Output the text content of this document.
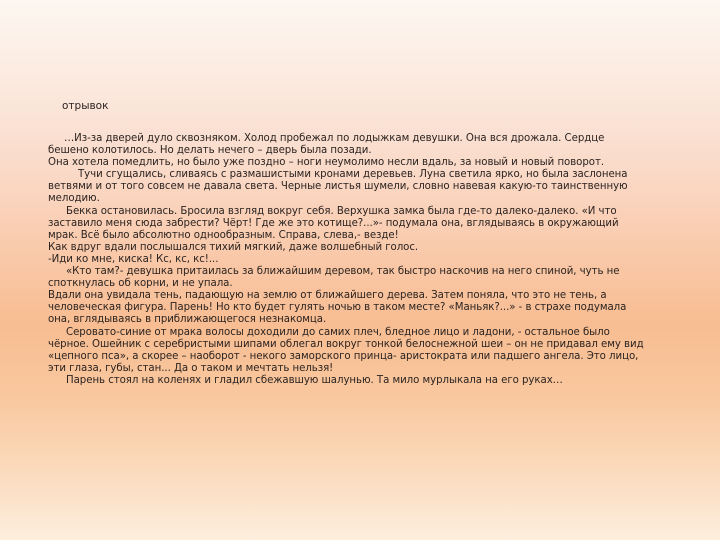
отрывок

…Из-за дверей дуло сквозняком. Холод пробежал по лодыжкам девушки. Она вся дрожала. Сердце бешено колотилось. Но делать нечего – дверь была позади.

Она хотела помедлить, но было уже поздно – ноги неумолимо несли вдаль, за новый и новый поворот.

Тучи сгущались, сливаясь с размашистыми кронами деревьев. Луна светила ярко, но была заслонена ветвями и от того совсем не давала света. Черные листья шумели, словно навевая какую-то таинственную мелодию.

Бекка остановилась. Бросила взгляд вокруг себя. Верхушка замка была где-то далеко-далеко. «И что заставило меня сюда забрести? Чёрт! Где же это котище?...»- подумала она, вглядываясь в окружающий мрак. Всё было абсолютно однообразным. Справа, слева,- везде!

Как вдруг вдали послышался тихий мягкий, даже волшебный голос.

-Иди ко мне, киска! Кс, кс, кс!...

«Кто там?- девушка притаилась за ближайшим деревом, так быстро наскочив на него спиной, чуть не споткнулась об корни, и не упала.

Вдали она увидала тень, падающую на землю от ближайшего дерева. Затем поняла, что это не тень, а человеческая фигура. Парень! Но кто будет гулять ночью в таком месте? «Маньяк?...» - в страхе подумала она, вглядываясь в приближающегося незнакомца.

Серовато-синие от мрака волосы доходили до самих плеч, бледное лицо и ладони, - остальное было чёрное. Ошейник с серебристыми шипами облегал вокруг тонкой белоснежной шеи – он не придавал ему вид «цепного пса», а скорее – наоборот - некого заморского принца- аристократа или падшего ангела. Это лицо, эти глаза, губы, стан... Да о таком и мечтать нельзя!

Парень стоял на коленях и гладил сбежавшую шалунью. Та мило мурлыкала на его руках…
